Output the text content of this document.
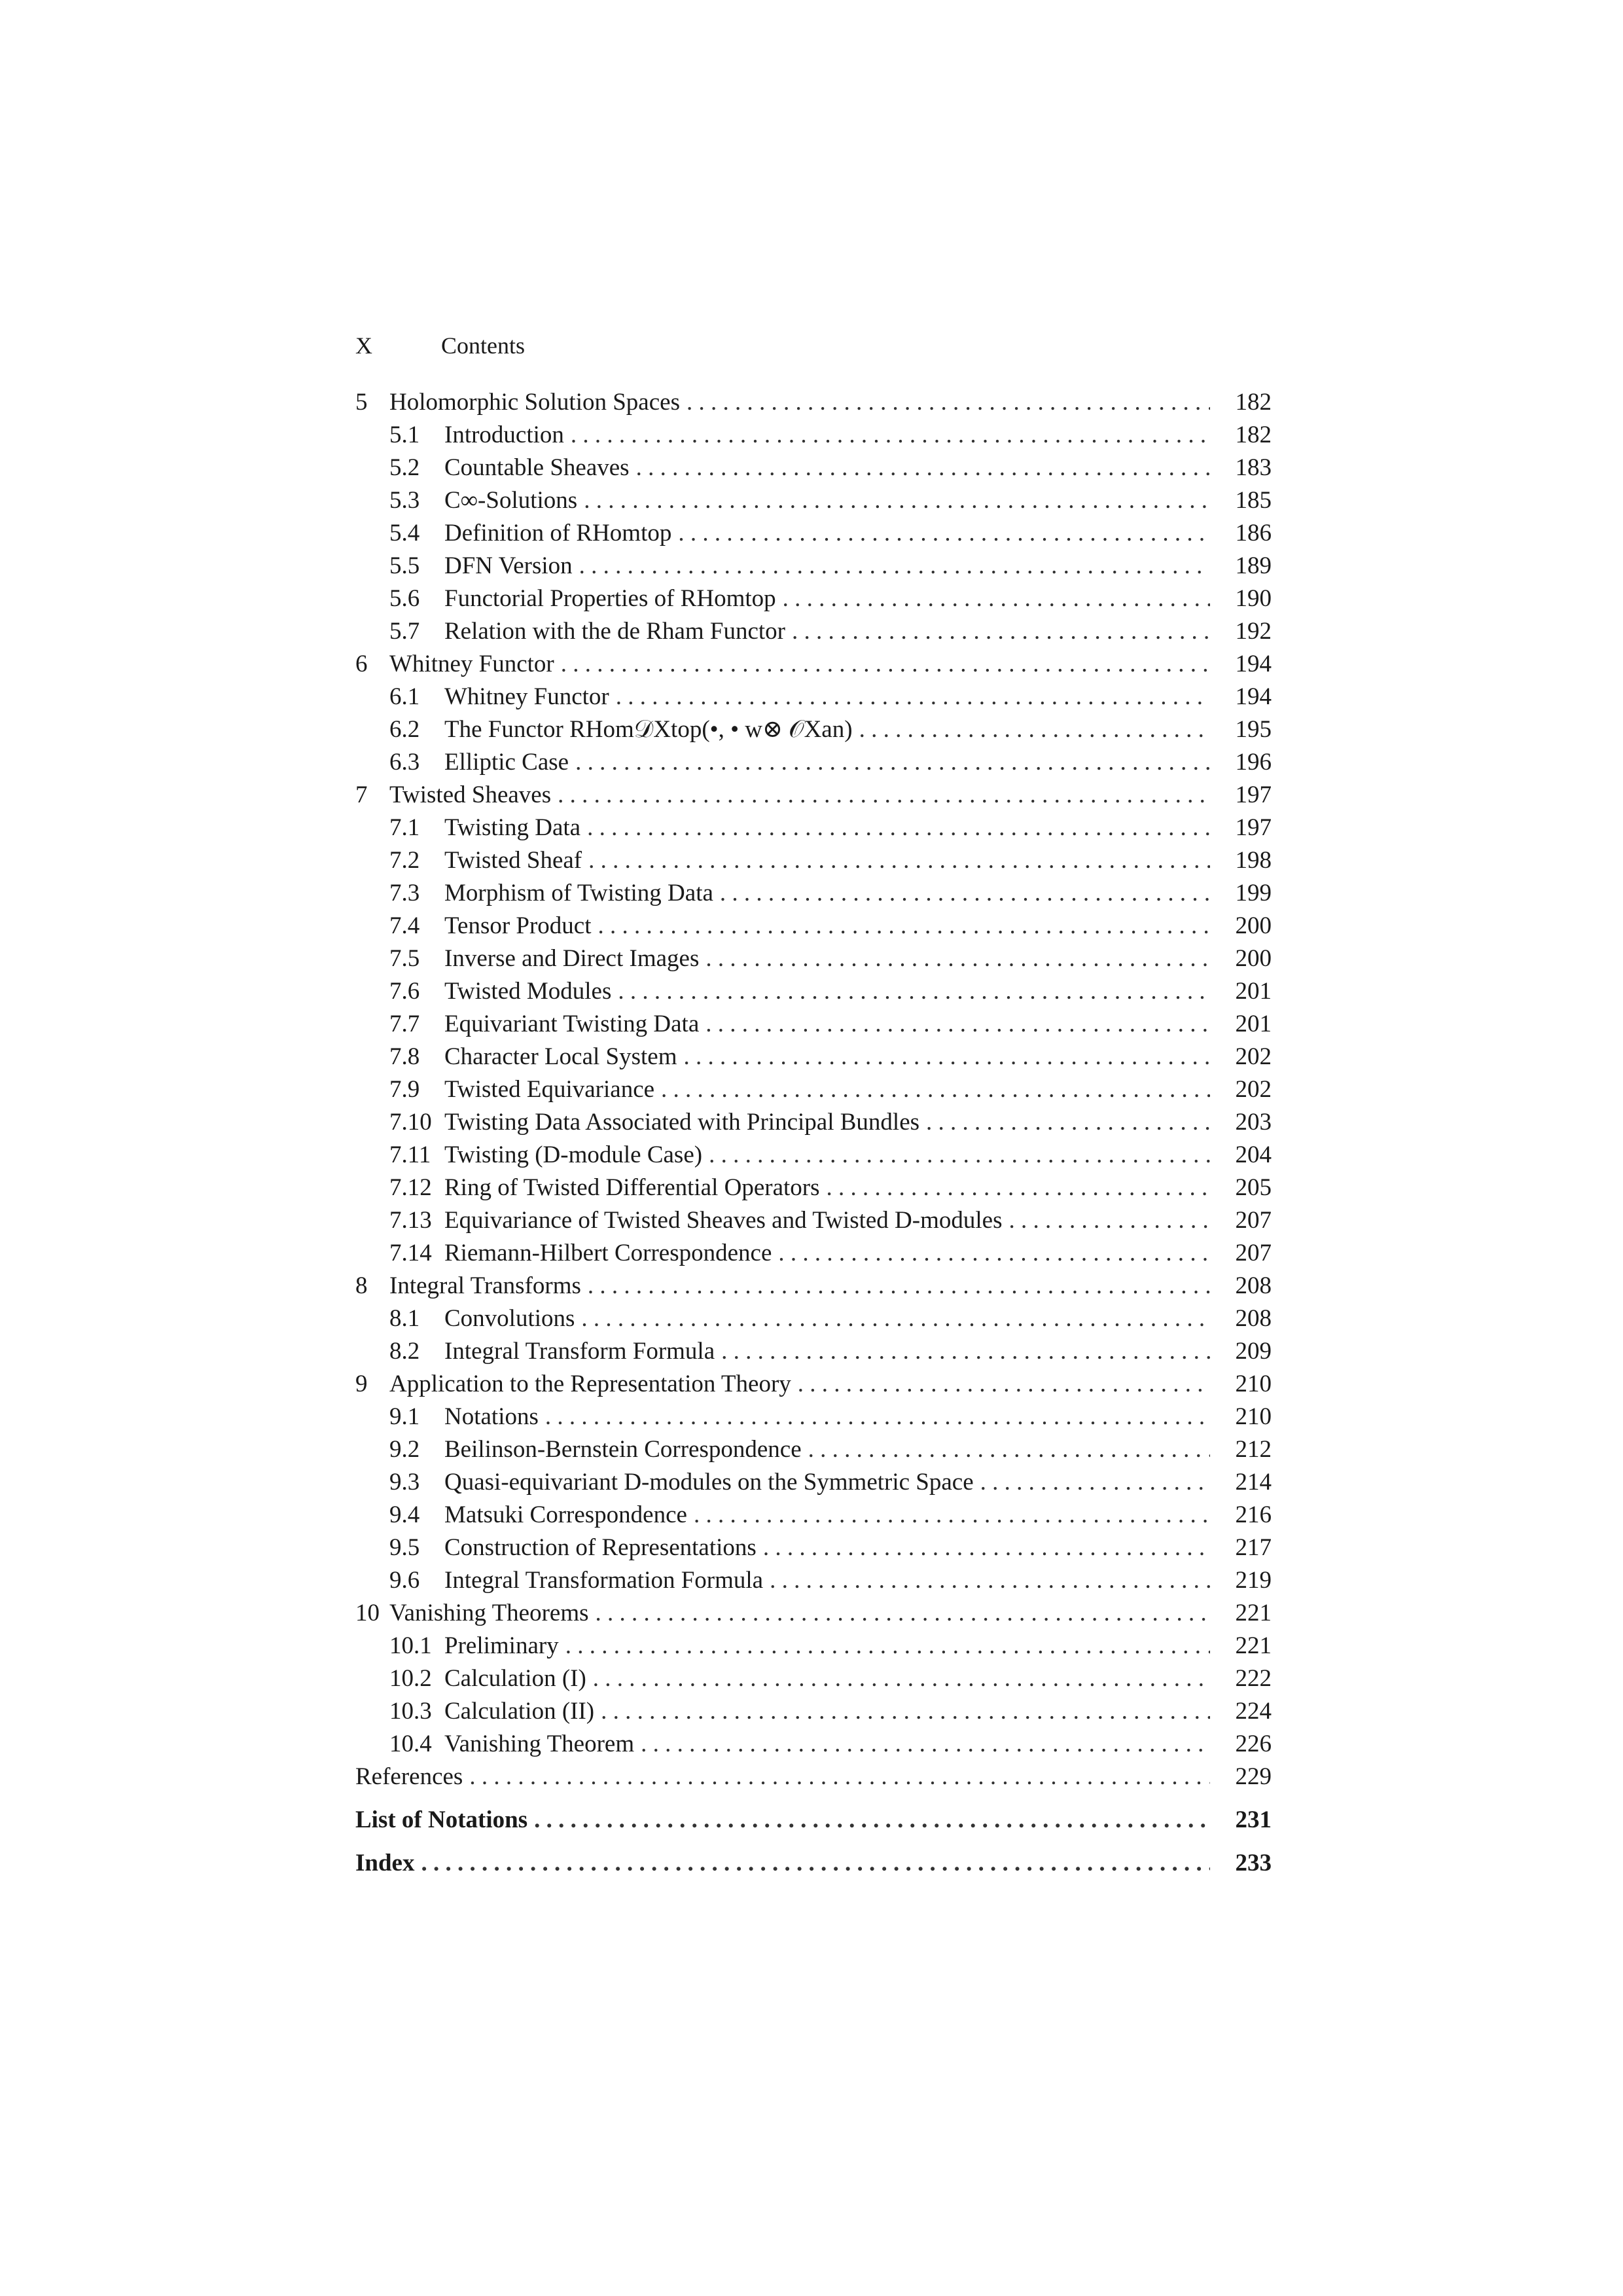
X	Contents
5 Holomorphic Solution Spaces . . .	182
5.1	Introduction . . .	182
5.2	Countable Sheaves . . .	183
5.3	C∞-Solutions . . .	185
5.4	Definition of RHomtop . . .	186
5.5	DFN Version . . .	189
5.6	Functorial Properties of RHomtop . . .	190
5.7	Relation with the de Rham Functor . . .	192
6 Whitney Functor . . .	194
6.1	Whitney Functor . . .	194
6.2	The Functor RHom𝒟Xtop(•, • w⊗ 𝒪Xan) . . .	195
6.3	Elliptic Case . . .	196
7 Twisted Sheaves . . .	197
7.1	Twisting Data . . .	197
7.2	Twisted Sheaf . . .	198
7.3	Morphism of Twisting Data . . .	199
7.4	Tensor Product . . .	200
7.5	Inverse and Direct Images . . .	200
7.6	Twisted Modules . . .	201
7.7	Equivariant Twisting Data . . .	201
7.8	Character Local System . . .	202
7.9	Twisted Equivariance . . .	202
7.10 Twisting Data Associated with Principal Bundles . . .	203
7.11 Twisting (D-module Case) . . .	204
7.12 Ring of Twisted Differential Operators . . .	205
7.13 Equivariance of Twisted Sheaves and Twisted D-modules . . .	207
7.14 Riemann-Hilbert Correspondence . . .	207
8 Integral Transforms . . .	208
8.1	Convolutions . . .	208
8.2	Integral Transform Formula . . .	209
9 Application to the Representation Theory . . .	210
9.1	Notations . . .	210
9.2	Beilinson-Bernstein Correspondence . . .	212
9.3	Quasi-equivariant D-modules on the Symmetric Space . . .	214
9.4	Matsuki Correspondence . . .	216
9.5	Construction of Representations . . .	217
9.6	Integral Transformation Formula . . .	219
10 Vanishing Theorems . . .	221
10.1 Preliminary . . .	221
10.2 Calculation (I) . . .	222
10.3 Calculation (II) . . .	224
10.4 Vanishing Theorem . . .	226
References . . .	229
List of Notations . . .	231
Index . . .	233
